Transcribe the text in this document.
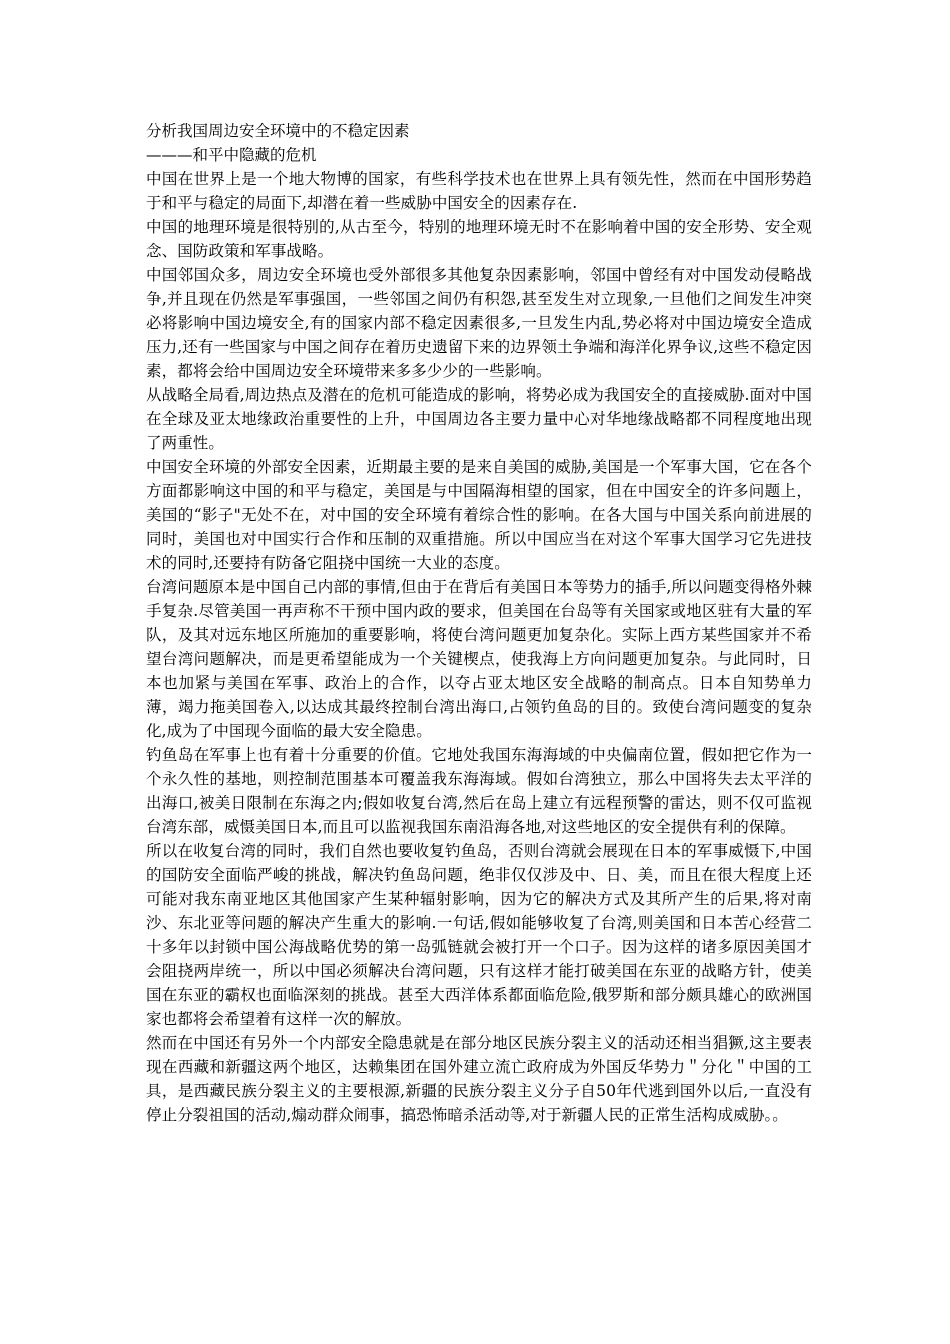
分析我国周边安全环境中的不稳定因素
———和平中隐藏的危机

中国在世界上是一个地大物博的国家，有些科学技术也在世界上具有领先性，然而在中国形势趋于和平与稳定的局面下,却潜在着一些威胁中国安全的因素存在.

中国的地理环境是很特别的,从古至今，特别的地理环境无时不在影响着中国的安全形势、安全观念、国防政策和军事战略。

中国邻国众多，周边安全环境也受外部很多其他复杂因素影响，邻国中曾经有对中国发动侵略战争,并且现在仍然是军事强国，一些邻国之间仍有积怨,甚至发生对立现象,一旦他们之间发生冲突必将影响中国边境安全,有的国家内部不稳定因素很多,一旦发生内乱,势必将对中国边境安全造成压力,还有一些国家与中国之间存在着历史遗留下来的边界领土争端和海洋化界争议,这些不稳定因素，都将会给中国周边安全环境带来多多少少的一些影响。

从战略全局看,周边热点及潜在的危机可能造成的影响，将势必成为我国安全的直接威胁.面对中国在全球及亚太地缘政治重要性的上升，中国周边各主要力量中心对华地缘战略都不同程度地出现了两重性。

中国安全环境的外部安全因素，近期最主要的是来自美国的威胁,美国是一个军事大国，它在各个方面都影响这中国的和平与稳定，美国是与中国隔海相望的国家，但在中国安全的许多问题上，美国的“影子"无处不在，对中国的安全环境有着综合性的影响。在各大国与中国关系向前进展的同时，美国也对中国实行合作和压制的双重措施。所以中国应当在对这个军事大国学习它先进技术的同时,还要持有防备它阻挠中国统一大业的态度。

台湾问题原本是中国自己内部的事情,但由于在背后有美国日本等势力的插手,所以问题变得格外棘手复杂.尽管美国一再声称不干预中国内政的要求，但美国在台岛等有关国家或地区驻有大量的军队，及其对远东地区所施加的重要影响，将使台湾问题更加复杂化。实际上西方某些国家并不希望台湾问题解决，而是更希望能成为一个关键楔点，使我海上方向问题更加复杂。与此同时，日本也加紧与美国在军事、政治上的合作，以夺占亚太地区安全战略的制高点。日本自知势单力薄，竭力拖美国卷入,以达成其最终控制台湾出海口,占领钓鱼岛的目的。致使台湾问题变的复杂化,成为了中国现今面临的最大安全隐患。

钓鱼岛在军事上也有着十分重要的价值。它地处我国东海海域的中央偏南位置，假如把它作为一个永久性的基地，则控制范围基本可覆盖我东海海域。假如台湾独立，那么中国将失去太平洋的出海口,被美日限制在东海之内;假如收复台湾,然后在岛上建立有远程预警的雷达，则不仅可监视台湾东部，威慑美国日本,而且可以监视我国东南沿海各地,对这些地区的安全提供有利的保障。

所以在收复台湾的同时，我们自然也要收复钓鱼岛，否则台湾就会展现在日本的军事威慑下,中国的国防安全面临严峻的挑战，解决钓鱼岛问题，绝非仅仅涉及中、日、美，而且在很大程度上还可能对我东南亚地区其他国家产生某种辐射影响，因为它的解决方式及其所产生的后果,将对南沙、东北亚等问题的解决产生重大的影响.一句话,假如能够收复了台湾,则美国和日本苦心经营二十多年以封锁中国公海战略优势的第一岛弧链就会被打开一个口子。因为这样的诸多原因美国才会阻挠两岸统一，所以中国必须解决台湾问题，只有这样才能打破美国在东亚的战略方针，使美国在东亚的霸权也面临深刻的挑战。甚至大西洋体系都面临危险,俄罗斯和部分颇具雄心的欧洲国家也都将会希望着有这样一次的解放。

然而在中国还有另外一个内部安全隐患就是在部分地区民族分裂主义的活动还相当猖獗,这主要表现在西藏和新疆这两个地区，达赖集团在国外建立流亡政府成为外国反华势力＂分化＂中国的工具，是西藏民族分裂主义的主要根源,新疆的民族分裂主义分子自50年代逃到国外以后,一直没有停止分裂祖国的活动,煽动群众闹事，搞恐怖暗杀活动等,对于新疆人民的正常生活构成威胁。。
